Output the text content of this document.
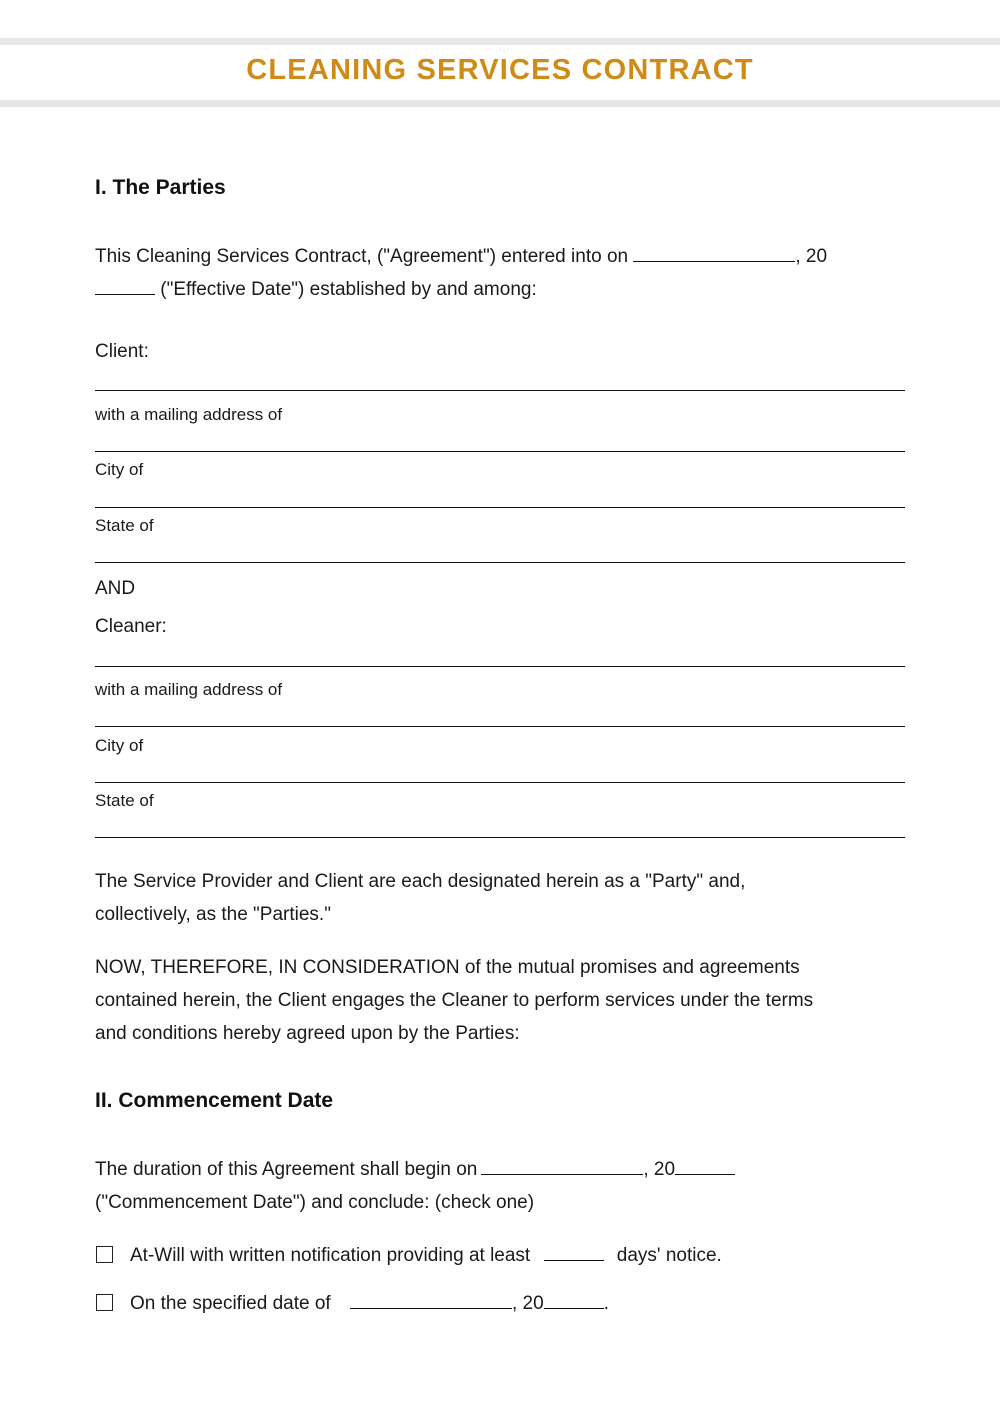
CLEANING SERVICES CONTRACT
I. The Parties
This Cleaning Services Contract, ("Agreement") entered into on	, 20
("Effective Date") established by and among:
Client:
with a mailing address of
City of
State of
AND
Cleaner:
with a mailing address of
City of
State of
The Service Provider and Client are each designated herein as a "Party" and,
collectively, as the "Parties."
NOW, THEREFORE, IN CONSIDERATION of the mutual promises and agreements
contained herein, the Client engages the Cleaner to perform services under the terms
and conditions hereby agreed upon by the Parties:
II. Commencement Date
The duration of this Agreement shall begin on	, 20
("Commencement Date") and conclude: (check one)
At-Will with written notification providing at least	days' notice.
On the specified date of	, 20	.
